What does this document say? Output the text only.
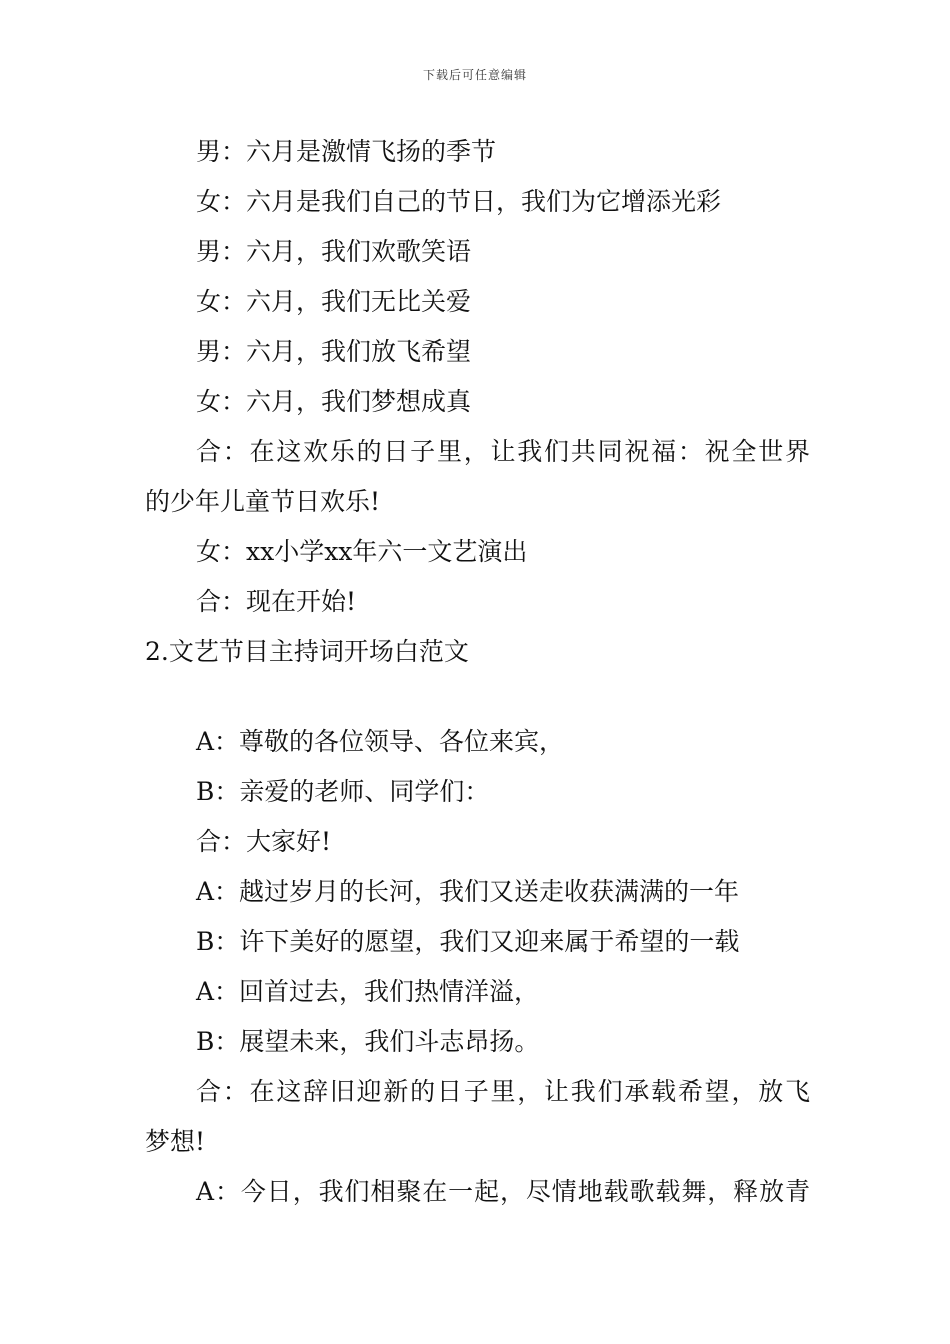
下载后可任意编辑
男：六月是激情飞扬的季节
女：六月是我们自己的节日，我们为它增添光彩
男：六月，我们欢歌笑语
女：六月，我们无比关爱
男：六月，我们放飞希望
女：六月，我们梦想成真
合：在这欢乐的日子里，让我们共同祝福：祝全世界
的少年儿童节日欢乐!
女：xx小学xx年六一文艺演出
合：现在开始!
2.文艺节目主持词开场白范文
A：尊敬的各位领导、各位来宾，
B：亲爱的老师、同学们：
合：大家好!
A：越过岁月的长河，我们又送走收获满满的一年
B：许下美好的愿望，我们又迎来属于希望的一载
A：回首过去，我们热情洋溢，
B：展望未来，我们斗志昂扬。
合：在这辞旧迎新的日子里，让我们承载希望，放飞
梦想!
A：今日，我们相聚在一起，尽情地载歌载舞，释放青
